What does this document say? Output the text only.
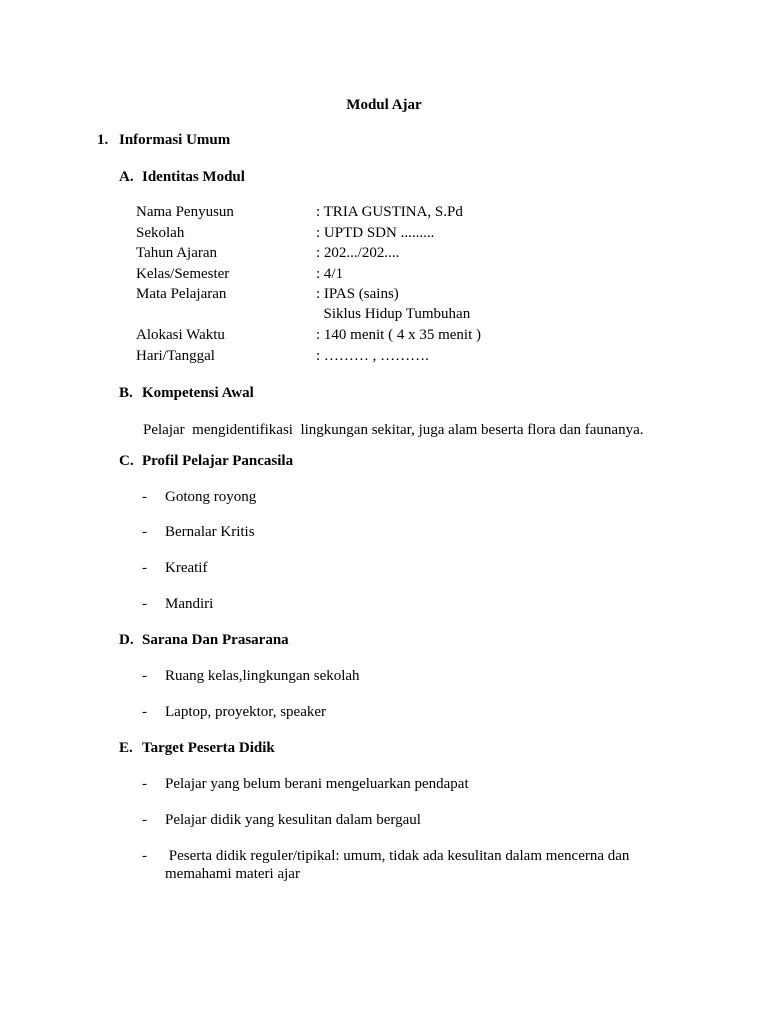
Modul Ajar
1. Informasi Umum
A. Identitas Modul
Nama Penyusun	: TRIA GUSTINA, S.Pd
Sekolah	: UPTD SDN .........
Tahun Ajaran	: 202.../202....
Kelas/Semester	: 4/1
Mata Pelajaran	: IPAS (sains)
Siklus Hidup Tumbuhan
Alokasi Waktu	: 140 menit ( 4 x 35 menit )
Hari/Tanggal	: ……… , ……….
B. Kompetensi Awal
Pelajar  mengidentifikasi  lingkungan sekitar, juga alam beserta flora dan faunanya.
C. Profil Pelajar Pancasila
- Gotong royong
- Bernalar Kritis
- Kreatif
- Mandiri
D. Sarana Dan Prasarana
- Ruang kelas,lingkungan sekolah
- Laptop, proyektor, speaker
E. Target Peserta Didik
- Pelajar yang belum berani mengeluarkan pendapat
- Pelajar didik yang kesulitan dalam bergaul
- Peserta didik reguler/tipikal: umum, tidak ada kesulitan dalam mencerna dan memahami materi ajar
